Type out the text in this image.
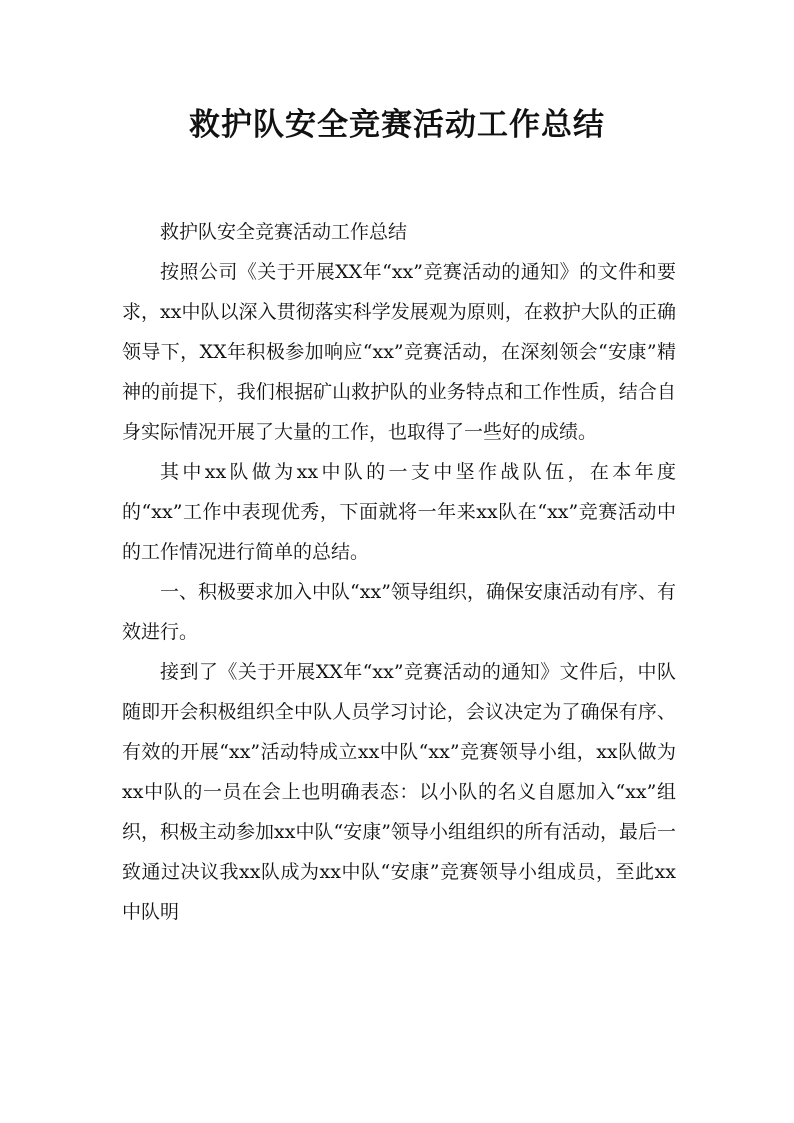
救护队安全竞赛活动工作总结

救护队安全竞赛活动工作总结

按照公司《关于开展XX年“xx”竞赛活动的通知》的文件和要求，xx中队以深入贯彻落实科学发展观为原则，在救护大队的正确领导下，XX年积极参加响应“xx”竞赛活动，在深刻领会“安康”精神的前提下，我们根据矿山救护队的业务特点和工作性质，结合自身实际情况开展了大量的工作，也取得了一些好的成绩。

其中xx队做为xx中队的一支中坚作战队伍，在本年度的“xx”工作中表现优秀，下面就将一年来xx队在“xx”竞赛活动中的工作情况进行简单的总结。

一、积极要求加入中队“xx”领导组织，确保安康活动有序、有效进行。

接到了《关于开展XX年“xx”竞赛活动的通知》文件后，中队随即开会积极组织全中队人员学习讨论，会议决定为了确保有序、有效的开展“xx”活动特成立xx中队“xx”竞赛领导小组，xx队做为xx中队的一员在会上也明确表态：以小队的名义自愿加入“xx”组织，积极主动参加xx中队“安康”领导小组组织的所有活动，最后一致通过决议我xx队成为xx中队“安康”竞赛领导小组成员，至此xx中队明
